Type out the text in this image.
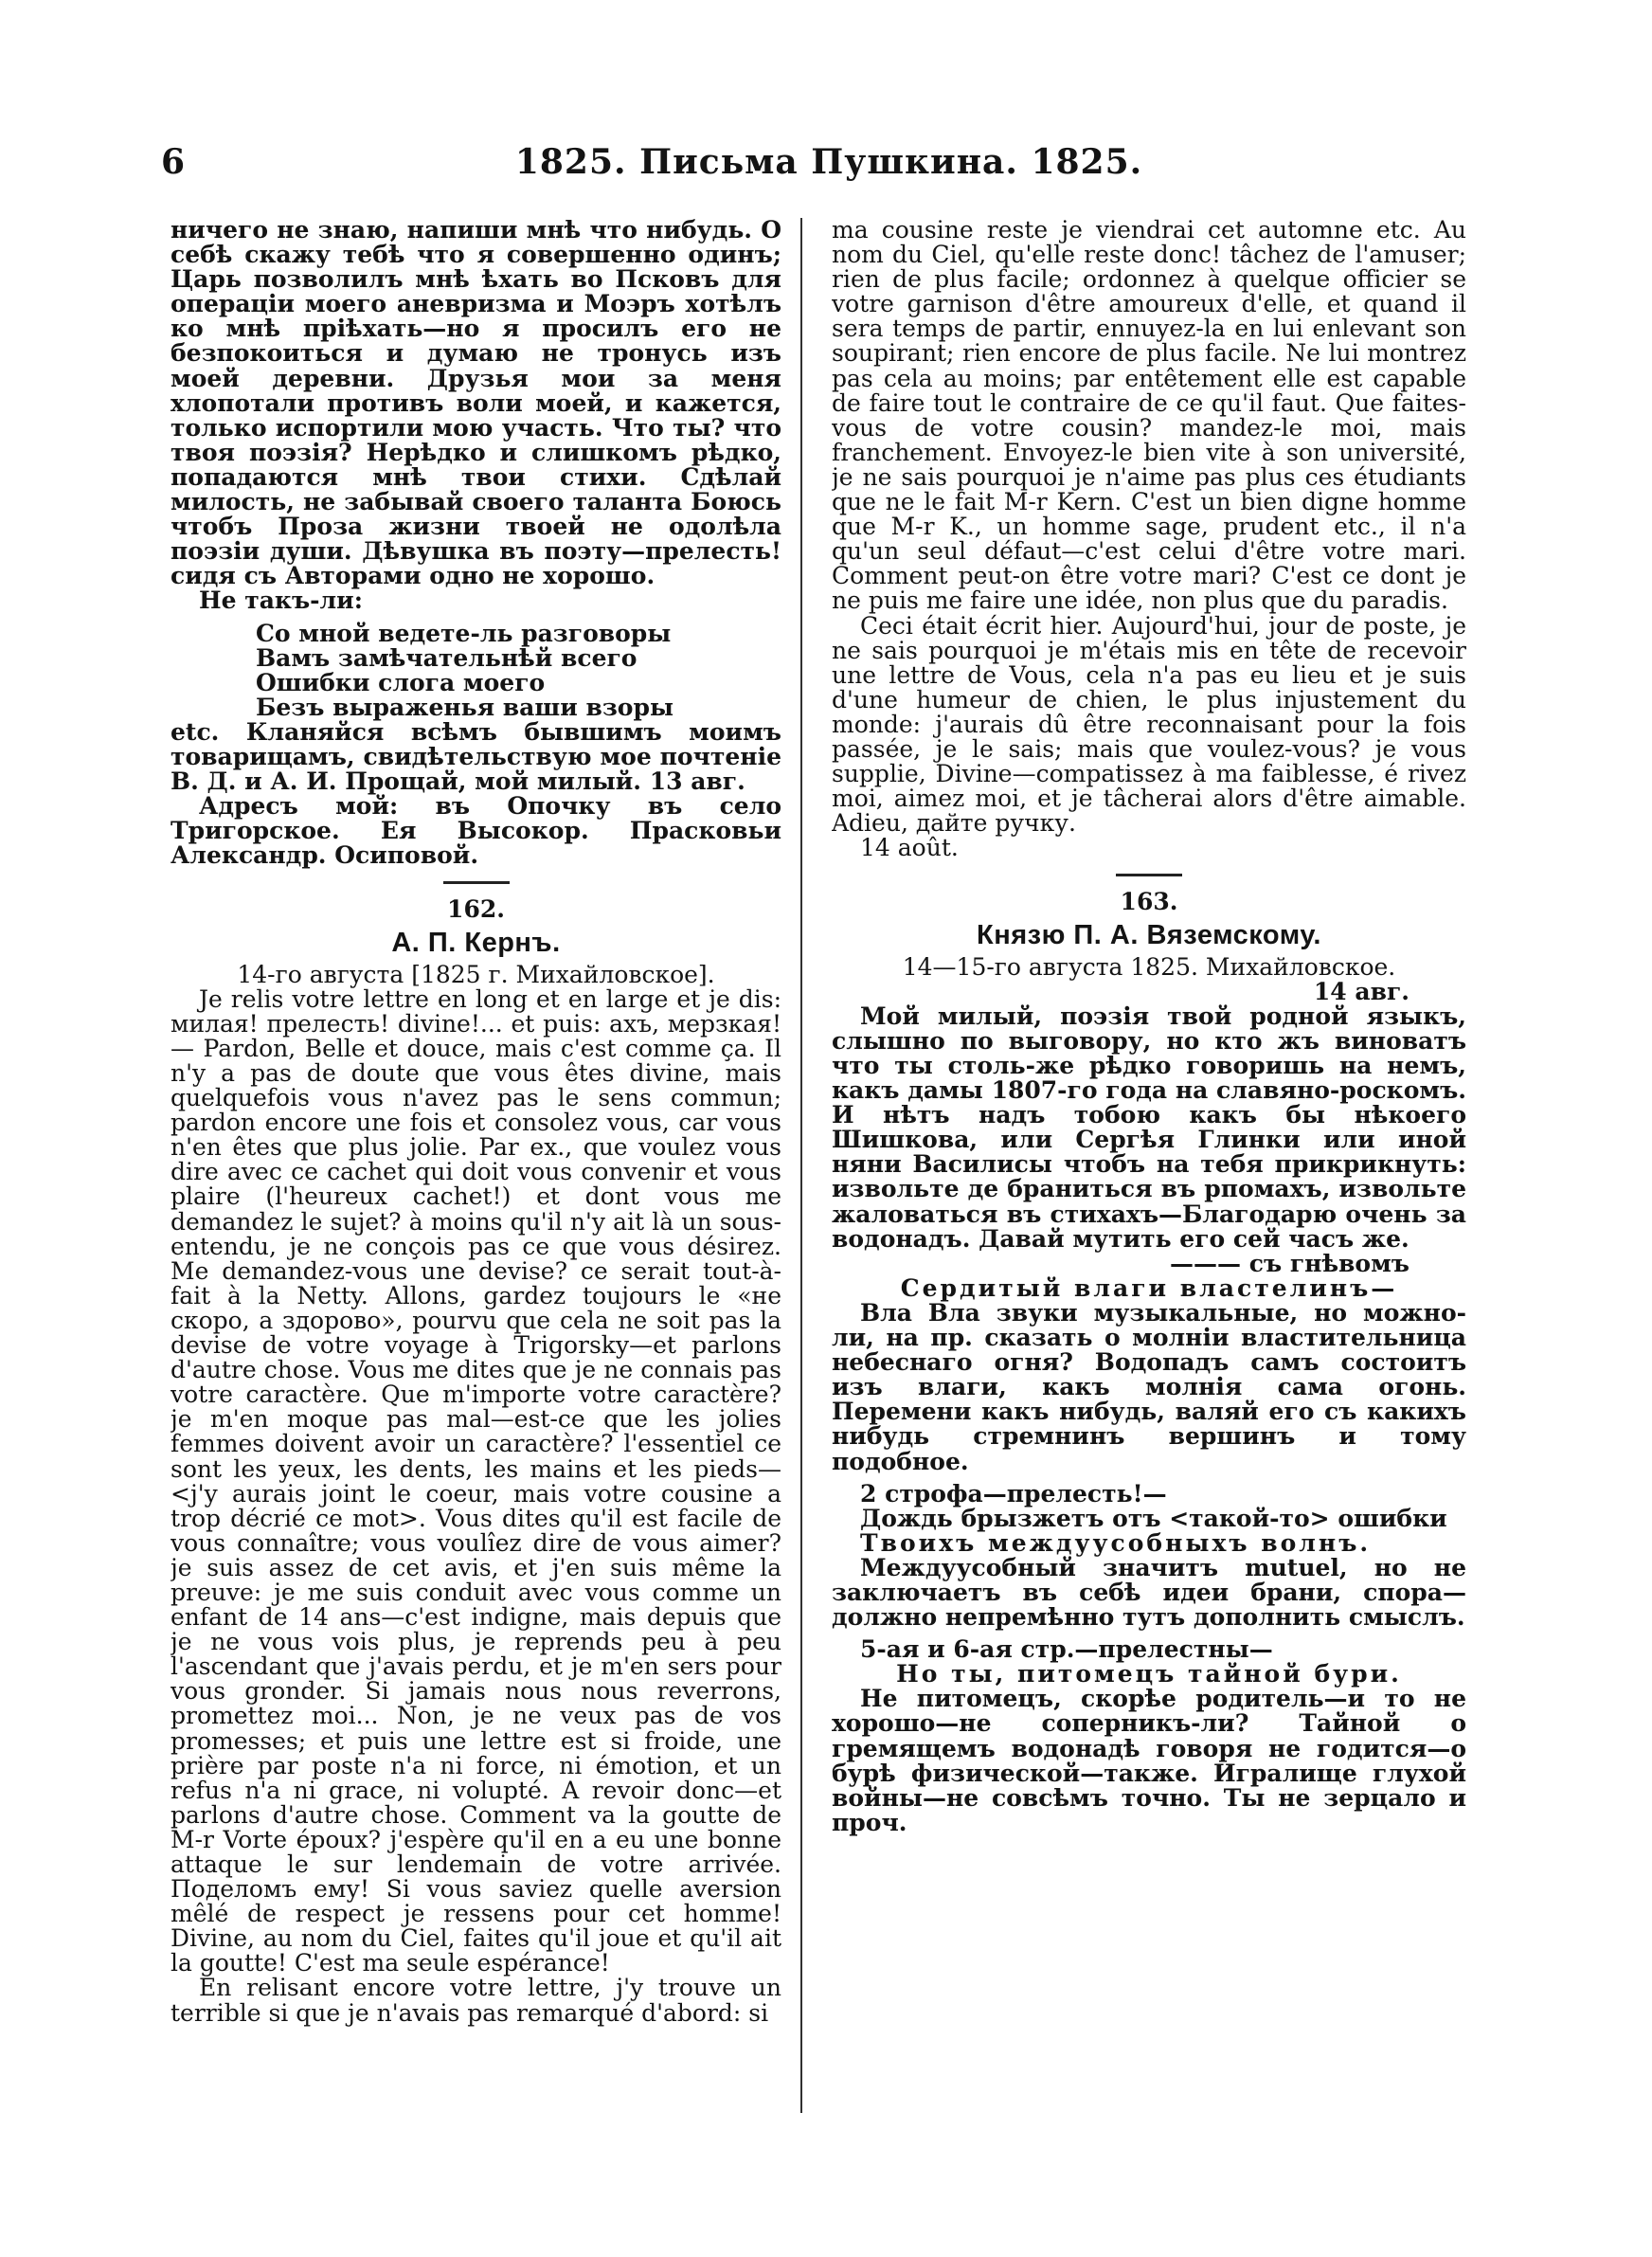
6	1825. Письма Пушкина. 1825.

ничего не знаю, напиши мнѣ что нибудь. О себѣ скажу тебѣ что я совершенно одинъ; Царь позволилъ мнѣ ѣхать во Псковъ для операціи моего аневризма и Моэръ хотѣлъ ко мнѣ пріѣхать—но я просилъ его не безпокоиться и думаю не тронусь изъ моей деревни. Друзья мои за меня хлопотали противъ воли моей, и кажется, только испортили мою участь. Что ты? что твоя поэзія? Нерѣдко и слишкомъ рѣдко, попадаются мнѣ твои стихи. Сдѣлай милость, не забывай своего таланта Боюсь чтобъ Проза жизни твоей не одолѣла поэзіи души. Дѣвушка въ поэту—прелесть! сидя съ Авторами одно не хорошо.

Не такъ-ли:

Со мной ведете-ль разговоры

Вамъ замѣчательнѣй всего

Ошибки слога моего

Безъ выраженья ваши взоры

etc. Кланяйся всѣмъ бывшимъ моимъ товарищамъ, свидѣтельствую мое почтеніе В. Д. и А. И. Прощай, мой милый. 13 авг.

Адресъ мой: въ Опочку въ село Тригорское. Ея Высокор. Прасковьи Александр. Осиповой.

162.

А. П. Кернъ.

14-го августа [1825 г. Михайловское].

Je relis votre lettre en long et en large et je dis: милая! прелесть! divine!... et puis: ахъ, мерзкая!— Pardon, Belle et douce, mais c'est comme ça. Il n'y a pas de doute que vous êtes divine, mais quelquefois vous n'avez pas le sens commun; pardon encore une fois et consolez vous, car vous n'en êtes que plus jolie. Par ex., que voulez vous dire avec ce cachet qui doit vous convenir et vous plaire (l'heureux cachet!) et dont vous me demandez le sujet? à moins qu'il n'y ait là un sous-entendu, je ne conçois pas ce que vous désirez. Me demandez-vous une devise? ce serait tout-à-fait à la Netty. Allons, gardez toujours le «не скоро, а здорово», pourvu que cela ne soit pas la devise de votre voyage à Trigorsky—et parlons d'autre chose. Vous me dites que je ne connais pas votre caractère. Que m'importe votre caractère? je m'en moque pas mal—est-ce que les jolies femmes doivent avoir un caractère? l'essentiel ce sont les yeux, les dents, les mains et les pieds—<j'y aurais joint le coeur, mais votre cousine a trop décrié ce mot>. Vous dites qu'il est facile de vous connaître; vous voulîez dire de vous aimer? je suis assez de cet avis, et j'en suis même la preuve: je me suis conduit avec vous comme un enfant de 14 ans—c'est indigne, mais depuis que je ne vous vois plus, je reprends peu à peu l'ascendant que j'avais perdu, et je m'en sers pour vous gronder. Si jamais nous nous reverrons, promettez moi... Non, je ne veux pas de vos promesses; et puis une lettre est si froide, une prière par poste n'a ni force, ni émotion, et un refus n'a ni grace, ni volupté. A revoir donc—et parlons d'autre chose. Comment va la goutte de M-r Vorte époux? j'espère qu'il en a eu une bonne attaque le sur lendemain de votre arrivée. Поделомъ ему! Si vous saviez quelle aversion mêlé de respect je ressens pour cet homme! Divine, au nom du Ciel, faites qu'il joue et qu'il ait la goutte! C'est ma seule espérance!

En relisant encore votre lettre, j'y trouve un terrible si que je n'avais pas remarqué d'abord: si

ma cousine reste je viendrai cet automne etc. Au nom du Ciel, qu'elle reste donc! tâchez de l'amuser; rien de plus facile; ordonnez à quelque officier se votre garnison d'être amoureux d'elle, et quand il sera temps de partir, ennuyez-la en lui enlevant son soupirant; rien encore de plus facile. Ne lui montrez pas cela au moins; par entêtement elle est capable de faire tout le contraire de ce qu'il faut. Que faites-vous de votre cousin? mandez-le moi, mais franchement. Envoyez-le bien vite à son université, je ne sais pourquoi je n'aime pas plus ces étudiants que ne le fait M-r Kern. C'est un bien digne homme que M-r K., un homme sage, prudent etc., il n'a qu'un seul défaut—c'est celui d'être votre mari. Comment peut-on être votre mari? C'est ce dont je ne puis me faire une idée, non plus que du paradis.

Ceci était écrit hier. Aujourd'hui, jour de poste, je ne sais pourquoi je m'étais mis en tête de recevoir une lettre de Vous, cela n'a pas eu lieu et je suis d'une humeur de chien, le plus injustement du monde: j'aurais dû être reconnaisant pour la fois passée, je le sais; mais que voulez-vous? je vous supplie, Divine—compatissez à ma faiblesse, é rivez moi, aimez moi, et je tâcherai alors d'être aimable. Adieu, дайте ручку.

14 août.

163.

Князю П. А. Вяземскому.

14—15-го августа 1825. Михайловское.

14 авг.

Мой милый, поэзія твой родной языкъ, слышно по выговору, но кто жъ виноватъ что ты столь-же рѣдко говоришь на немъ, какъ дамы 1807-го года на славяно-роскомъ. И нѣтъ надъ тобою какъ бы нѣкоего Шишкова, или Сергѣя Глинки или иной няни Василисы чтобъ на тебя прикрикнуть: извольте де браниться въ рпомахъ, извольте жаловаться въ стихахъ—Благодарю очень за водонадъ. Давай мутить его сей часъ же.

——— съ гнѣвомъ

Сердитый влаги властелинъ—

Вла Вла звуки музыкальные, но можно-ли, на пр. сказать о молніи властительница небеснаго огня? Водопадъ самъ состоитъ изъ влаги, какъ молнія сама огонь. Перемени какъ нибудь, валяй его съ какихъ нибудь стремнинъ вершинъ и тому подобное.

2 строфа—прелесть!—

Дождь брызжетъ отъ <такой-то> ошибки

Твоихъ междуусобныхъ волнъ.

Междуусобный значитъ mutuel, но не заключаетъ въ себѣ идеи брани, спора—должно непремѣнно тутъ дополнить смыслъ.

5-ая и 6-ая стр.—прелестны—

Но ты, питомецъ тайной бури.

Не питомецъ, скорѣе родитель—и то не хорошо—не соперникъ-ли? Тайной о гремящемъ водонадѣ говоря не годится—о бурѣ физической—также. Игралище глухой войны—не совсѣмъ точно. Ты не зерцало и проч.
